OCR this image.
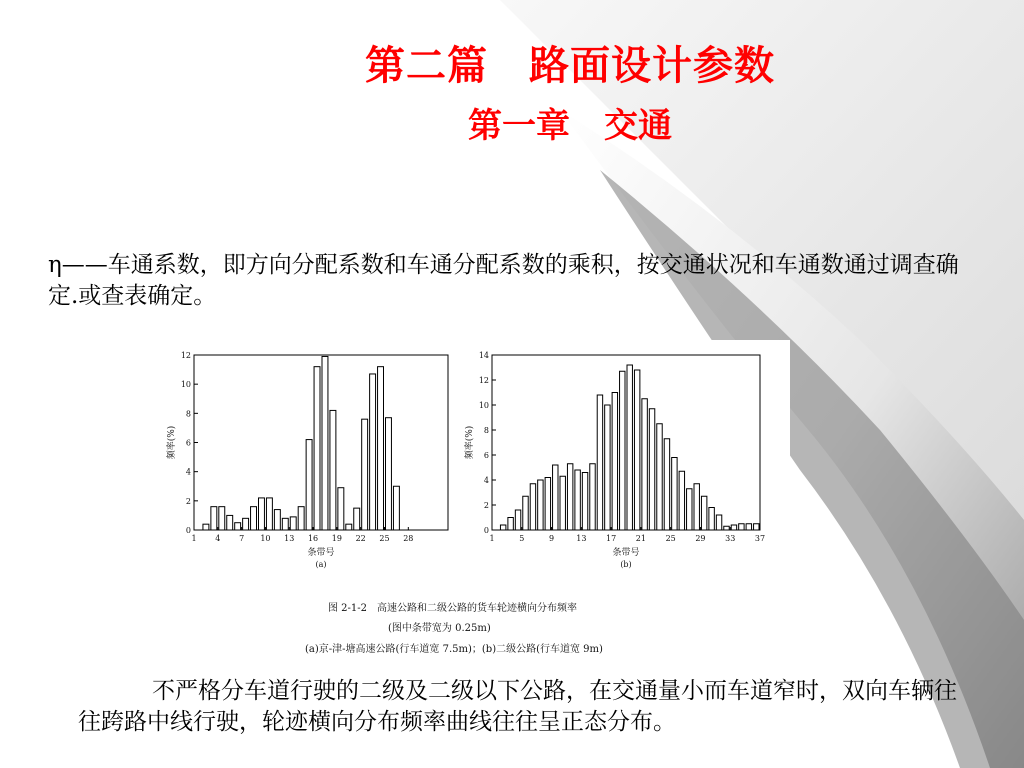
第二篇　路面设计参数
第一章　交通
η——车通系数，即方向分配系数和车通分配系数的乘积，按交通状况和车通数通过调查确定.或查表确定。
0
2
4
6
8
10
12
1 4 7 10 13 16 19 22 25 28
条带号
(a)
频率(%)
0
2
4
6
8
10
12
14
1	5	9	13 17 21 25 29 33 37
条带号
(b)
频率(%)
图 2-1-2　高速公路和二级公路的货车轮迹横向分布频率
(图中条带宽为 0.25m)
(a)京-津-塘高速公路(行车道宽 7.5m)；(b)二级公路(行车道宽 9m)
不严格分车道行驶的二级及二级以下公路，在交通量小而车道窄时，双向车辆往往跨路中线行驶，轮迹横向分布频率曲线往往呈正态分布。
